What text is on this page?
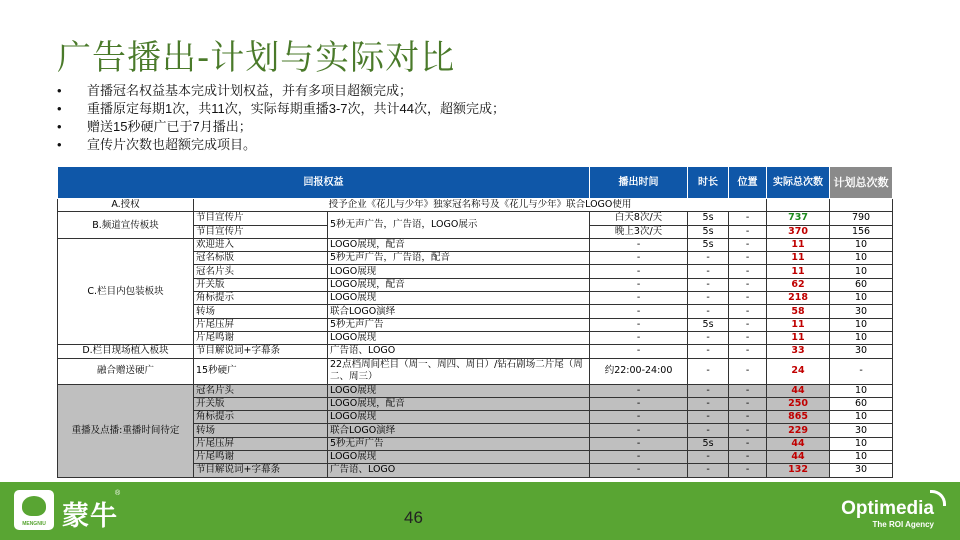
广告播出-计划与实际对比
• 首播冠名权益基本完成计划权益，并有多项目超额完成；
• 重播原定每期1次，共11次，实际每期重播3-7次，共计44次，超额完成；
• 赠送15秒硬广已于7月播出；
• 宣传片次数也超额完成项目。
回报权益			播出时间	时长	位置	实际总次数	计划总次数
A.授权	授予企业《花儿与少年》独家冠名称号及《花儿与少年》联合LOGO使用						
B.频道宣传板块	节目宣传片	5秒无声广告，广告语，LOGO展示	白天8次/天	5s	-	737	790
	节目宣传片		晚上3次/天	5s	-	370	156
C.栏目内包装板块	欢迎进入	LOGO展现，配音	-	5s	-	11	10
	冠名标版	5秒无声广告，广告语，配音	-	-	-	11	10
	冠名片头	LOGO展现	-	-	-	11	10
	开关版	LOGO展现，配音	-	-	-	62	60
	角标提示	LOGO展现	-	-	-	218	10
	转场	联合LOGO演绎	-	-	-	58	30
	片尾压屏	5秒无声广告	-	5s	-	11	10
	片尾鸣谢	LOGO展现	-	-	-	11	10
D.栏目现场植入板块	节目解说词+字幕条	广告语、LOGO	-	-	-	33	30
融合赠送硬广	15秒硬广	22点档周间栏目（周一、周四、周日）/钻石剧场二片尾（周二、周三）	约22:00-24:00	-	-	24	-
重播及点播:重播时间待定	冠名片头	LOGO展现	-	-	-	44	10
	开关版	LOGO展现，配音	-	-	-	250	60
	角标提示	LOGO展现	-	-	-	865	10
	转场	联合LOGO演绎	-	-	-	229	30
	片尾压屏	5秒无声广告	-	5s	-	44	10
	片尾鸣谢	LOGO展现	-	-	-	44	10
	节目解说词+字幕条	广告语、LOGO	-	-	-	132	30
MENGNIU 蒙牛
®
46	Optimedia
The ROI Agency
